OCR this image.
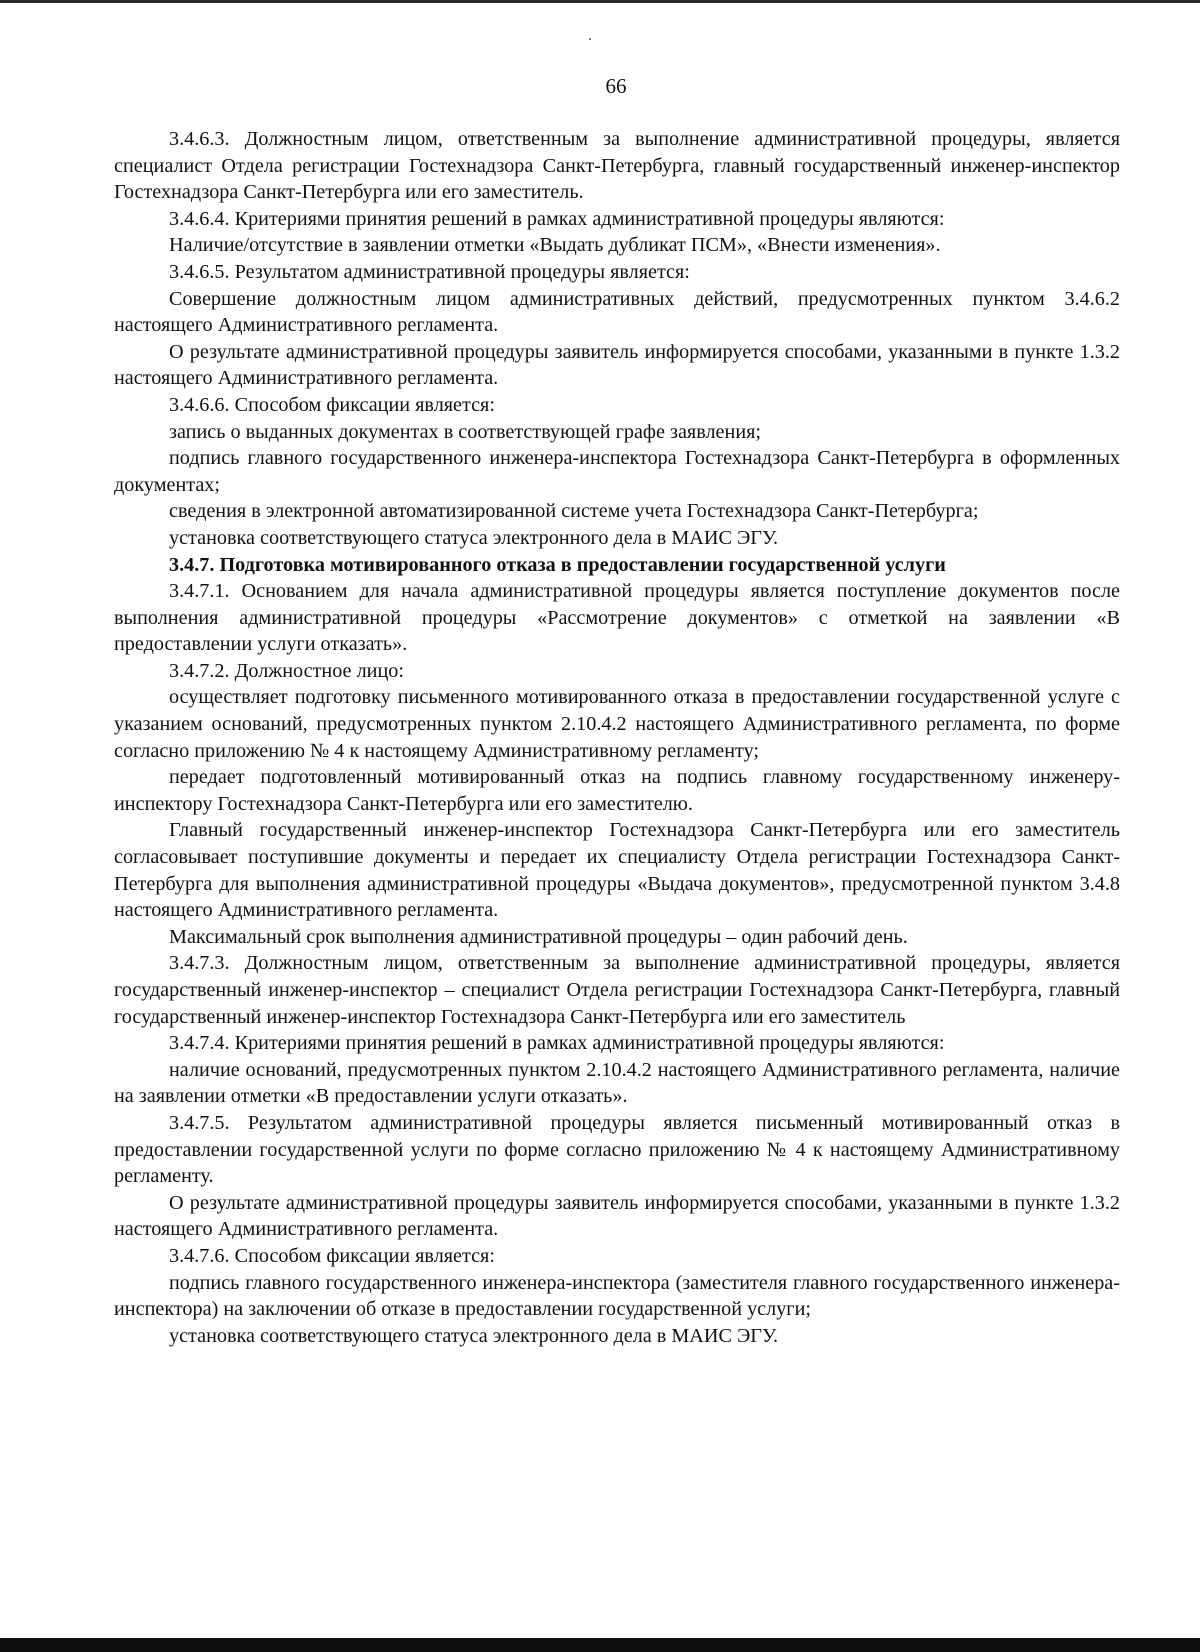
66

3.4.6.3. Должностным лицом, ответственным за выполнение административной процедуры, является специалист Отдела регистрации Гостехнадзора Санкт-Петербурга, главный государственный инженер-инспектор Гостехнадзора Санкт-Петербурга или его заместитель.

3.4.6.4. Критериями принятия решений в рамках административной процедуры являются:

Наличие/отсутствие в заявлении отметки «Выдать дубликат ПСМ», «Внести изменения».

3.4.6.5. Результатом административной процедуры является:

Совершение должностным лицом административных действий, предусмотренных пунктом 3.4.6.2 настоящего Административного регламента.

О результате административной процедуры заявитель информируется способами, указанными в пункте 1.3.2 настоящего Административного регламента.

3.4.6.6. Способом фиксации является:

запись о выданных документах в соответствующей графе заявления;

подпись главного государственного инженера-инспектора Гостехнадзора Санкт-Петербурга в оформленных документах;

сведения в электронной автоматизированной системе учета Гостехнадзора Санкт-Петербурга;

установка соответствующего статуса электронного дела в МАИС ЭГУ.

3.4.7. Подготовка мотивированного отказа в предоставлении государственной услуги

3.4.7.1. Основанием для начала административной процедуры является поступление документов после выполнения административной процедуры «Рассмотрение документов» с отметкой на заявлении «В предоставлении услуги отказать».

3.4.7.2. Должностное лицо:

осуществляет подготовку письменного мотивированного отказа в предоставлении государственной услуге с указанием оснований, предусмотренных пунктом 2.10.4.2 настоящего Административного регламента, по форме согласно приложению № 4 к настоящему Административному регламенту;

передает подготовленный мотивированный отказ на подпись главному государственному инженеру-инспектору Гостехнадзора Санкт-Петербурга или его заместителю.

Главный государственный инженер-инспектор Гостехнадзора Санкт-Петербурга или его заместитель согласовывает поступившие документы и передает их специалисту Отдела регистрации Гостехнадзора Санкт-Петербурга для выполнения административной процедуры «Выдача документов», предусмотренной пунктом 3.4.8 настоящего Административного регламента.

Максимальный срок выполнения административной процедуры – один рабочий день.

3.4.7.3. Должностным лицом, ответственным за выполнение административной процедуры, является государственный инженер-инспектор – специалист Отдела регистрации Гостехнадзора Санкт-Петербурга, главный государственный инженер-инспектор Гостехнадзора Санкт-Петербурга или его заместитель

3.4.7.4. Критериями принятия решений в рамках административной процедуры являются:

наличие оснований, предусмотренных пунктом 2.10.4.2 настоящего Административного регламента, наличие на заявлении отметки «В предоставлении услуги отказать».

3.4.7.5. Результатом административной процедуры является письменный мотивированный отказ в предоставлении государственной услуги по форме согласно приложению № 4 к настоящему Административному регламенту.

О результате административной процедуры заявитель информируется способами, указанными в пункте 1.3.2 настоящего Административного регламента.

3.4.7.6. Способом фиксации является:

подпись главного государственного инженера-инспектора (заместителя главного государственного инженера-инспектора) на заключении об отказе в предоставлении государственной услуги;

установка соответствующего статуса электронного дела в МАИС ЭГУ.
